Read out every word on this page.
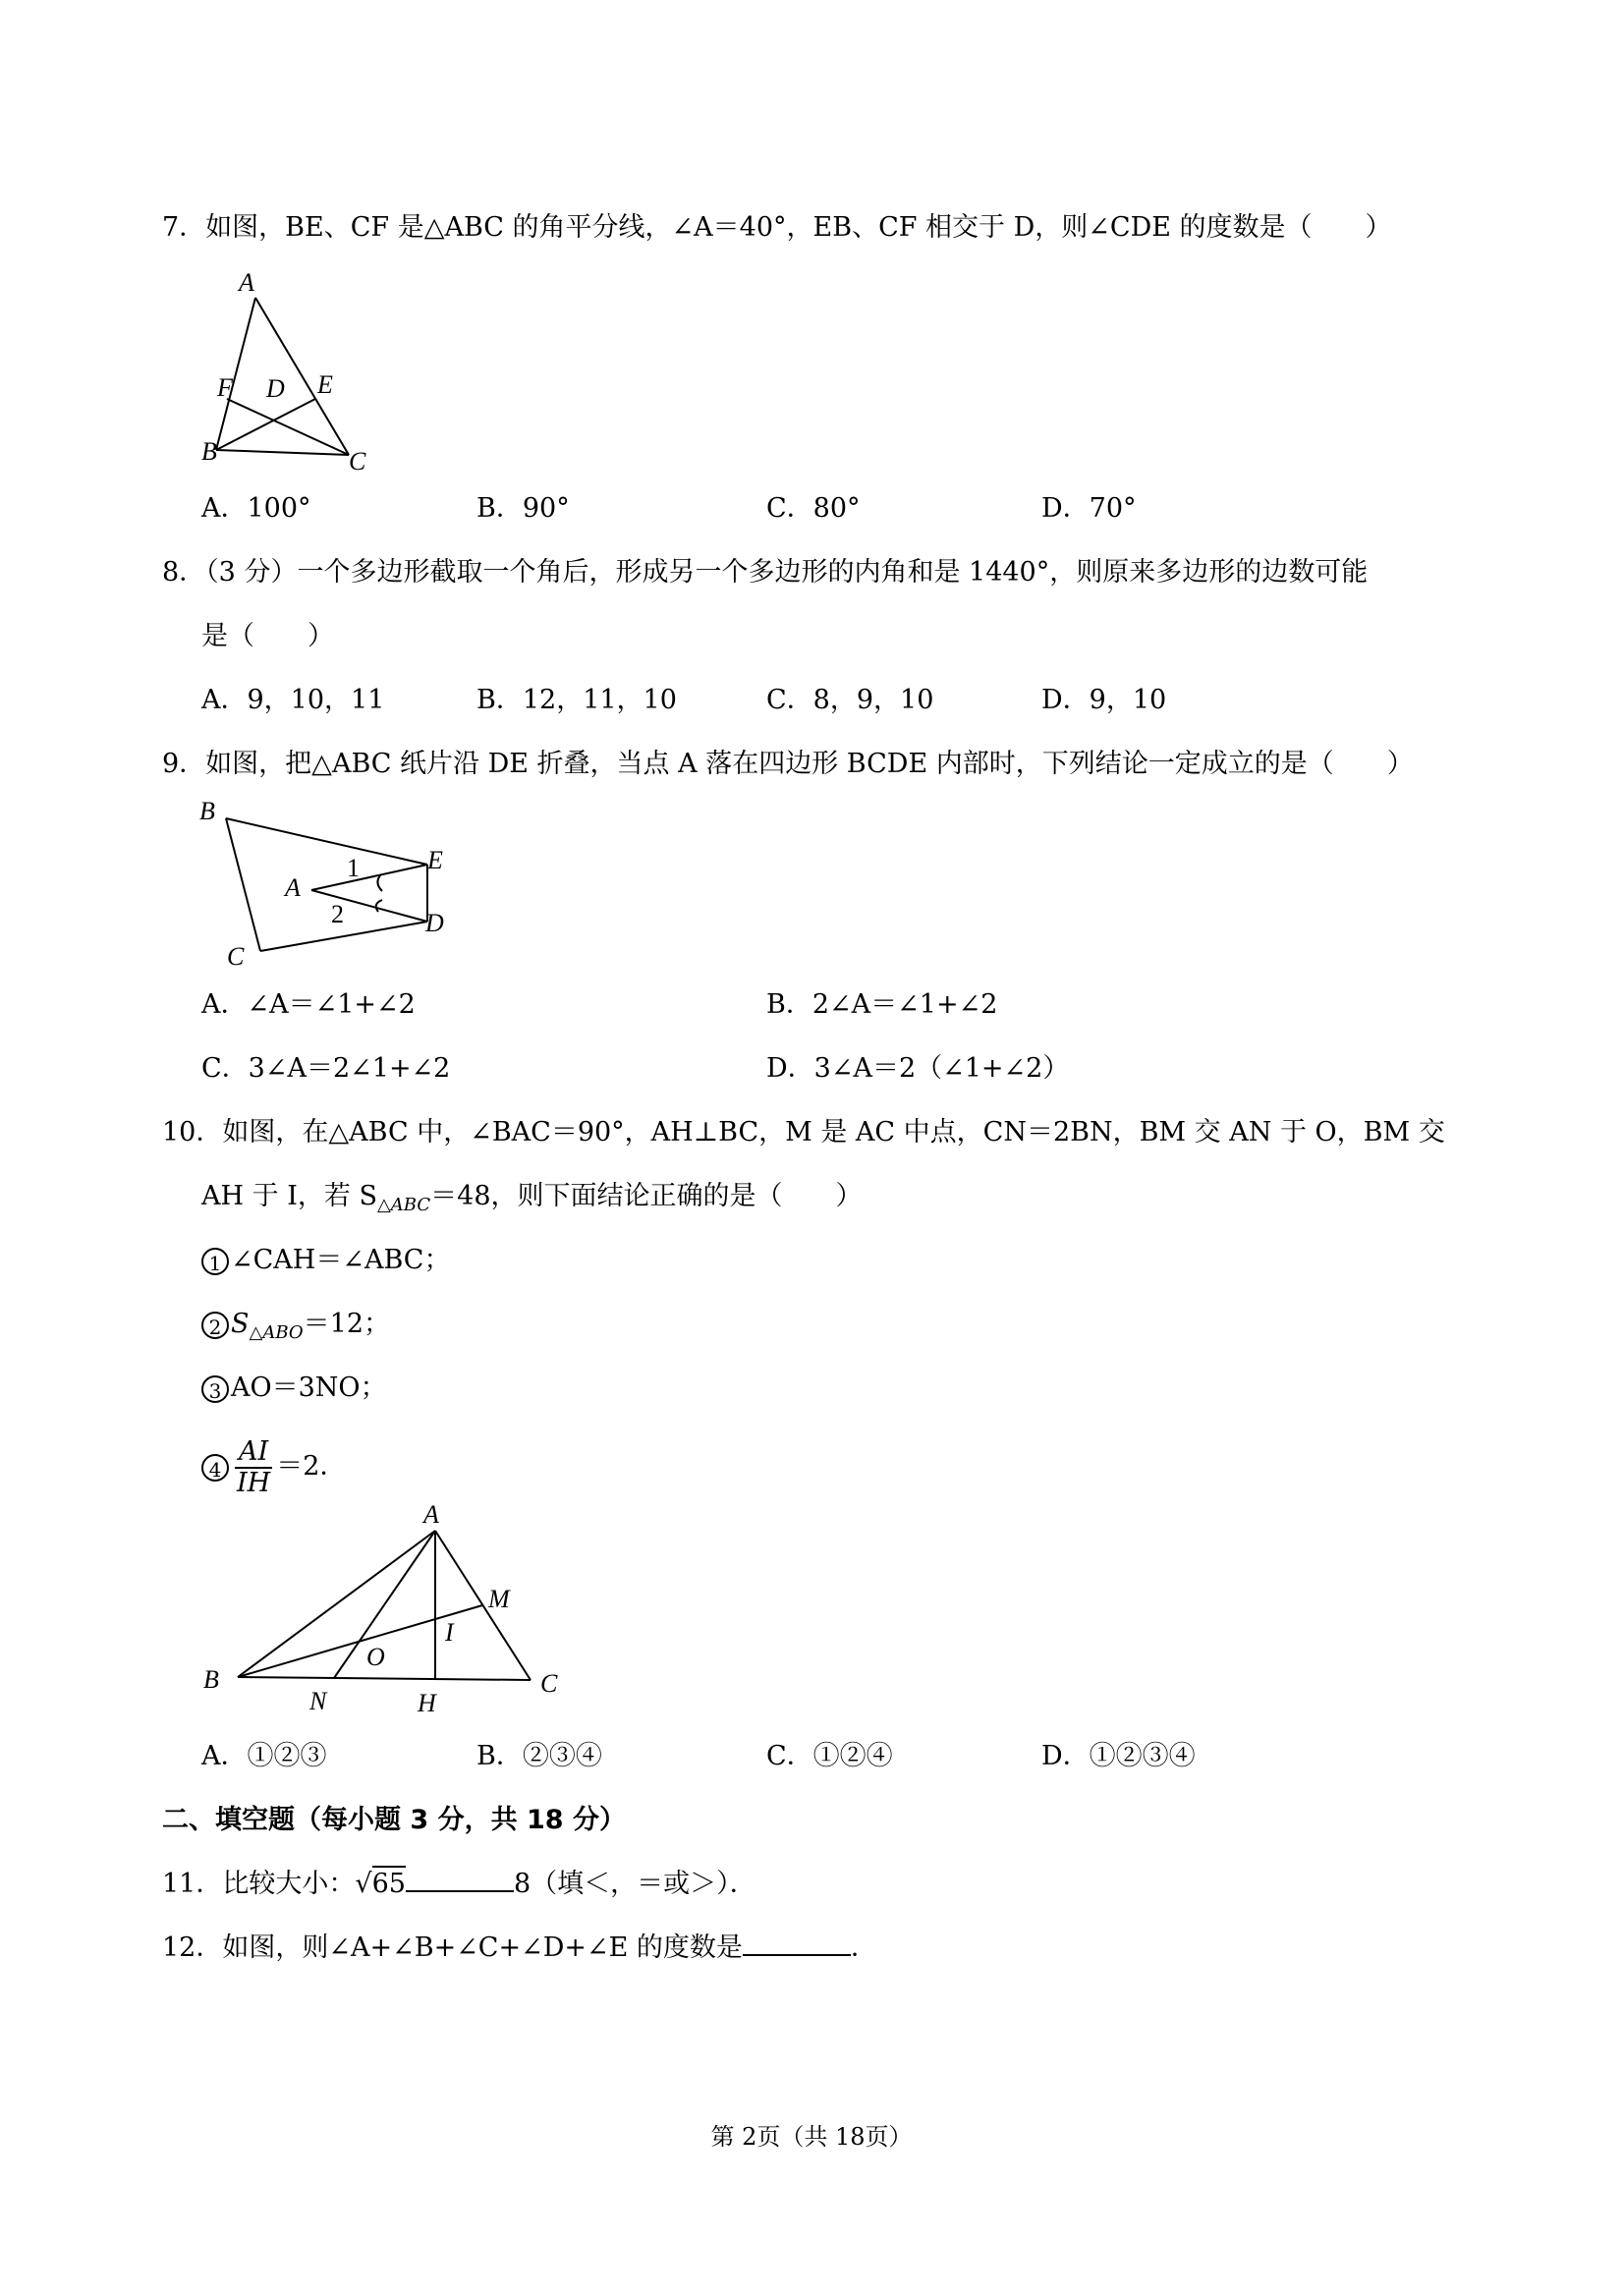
7．如图，BE、CF 是△ABC 的角平分线，∠A＝40°，EB、CF 相交于 D，则∠CDE 的度数是（　　）
A
F D E
B	C
A．100°	B．90°	C．80°	D．70°
8．（3 分）一个多边形截取一个角后，形成另一个多边形的内角和是 1440°，则原来多边形的边数可能
是（　　）
A．9，10，11	B．12，11，10	C．8，9，10	D．9，10
9．如图，把△ABC 纸片沿 DE 折叠，当点 A 落在四边形 BCDE 内部时，下列结论一定成立的是（　　）
B
A
1
2
E
D
C
A．∠A＝∠1+∠2	B．2∠A＝∠1+∠2
C．3∠A＝2∠1+∠2	D．3∠A＝2（∠1+∠2）
10．如图，在△ABC 中，∠BAC＝90°，AH⊥BC，M 是 AC 中点，CN＝2BN，BM 交 AN 于 O，BM 交
AH 于 I，若 $S_{\triangle ABC}=48$，则下面结论正确的是（　　）
1 ∠CAH＝∠ABC；
2 $S_{\triangle ABO}=12$；
3 AO＝3NO；
$4 \frac{AI}{IH} =2$．
A
M
I
O
B	C
N	H
A．①②③	B．②③④	C．①②④	D．①②③④
二、填空题（每小题 3 分，共 18 分）
11．比较大小：√65	8（填＜，＝或＞）．
12．如图，则∠A+∠B+∠C+∠D+∠E 的度数是	．
第 2页（共 18页）
